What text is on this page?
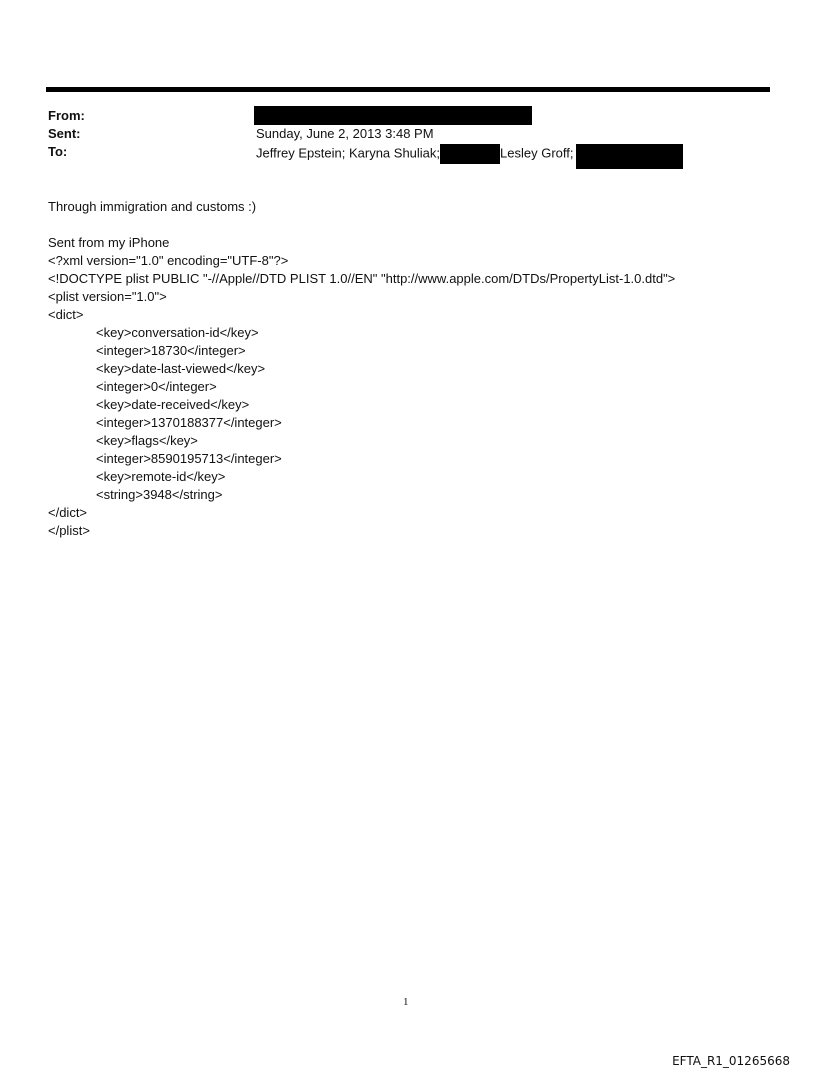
From:
Sent:
To:
Sunday, June 2, 2013 3:48 PM
Jeffrey Epstein; Karyna Shuliak;	Lesley Groff;
Through immigration and customs :)
Sent from my iPhone
<?xml version="1.0" encoding="UTF-8"?>
<!DOCTYPE plist PUBLIC "-//Apple//DTD PLIST 1.0//EN" "http://www.apple.com/DTDs/PropertyList-1.0.dtd">
<plist version="1.0">
<dict>
<key>conversation-id</key>
<integer>18730</integer>
<key>date-last-viewed</key>
<integer>0</integer>
<key>date-received</key>
<integer>1370188377</integer>
<key>flags</key>
<integer>8590195713</integer>
<key>remote-id</key>
<string>3948</string>
</dict>
</plist>
1
EFTA_R1_01265668
